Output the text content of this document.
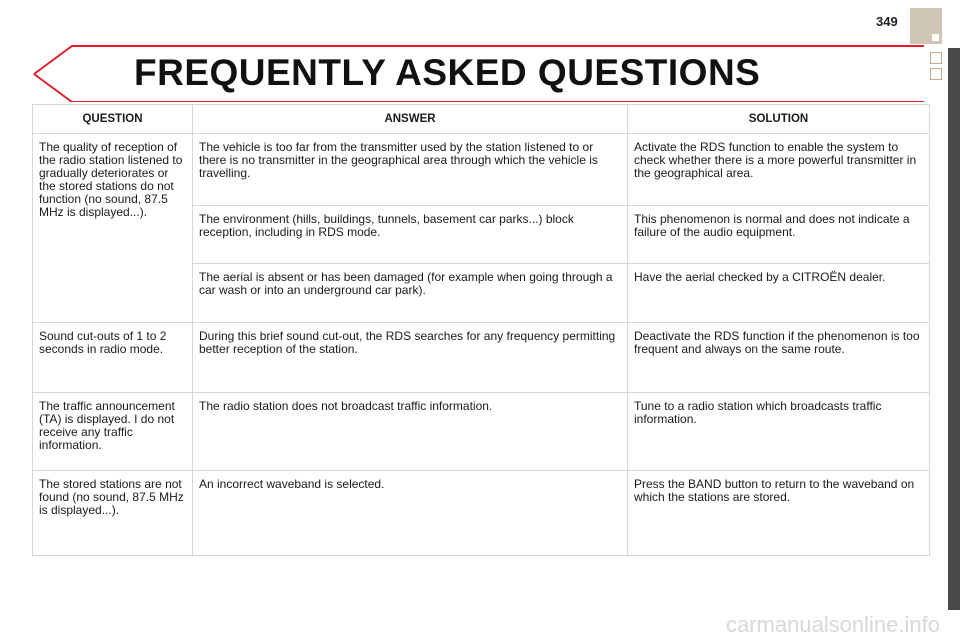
FREQUENTLY ASKED QUESTIONS
349
QUESTION	ANSWER	SOLUTION
The quality of reception of the radio station listened to gradually deteriorates or the stored stations do not function (no sound, 87.5 MHz is displayed...).	The vehicle is too far from the transmitter used by the station listened to or there is no transmitter in the geographical area through which the vehicle is travelling.	Activate the RDS function to enable the system to check whether there is a more powerful transmitter in the geographical area.
	The environment (hills, buildings, tunnels, basement car parks...) block reception, including in RDS mode.	This phenomenon is normal and does not indicate a failure of the audio equipment.
	The aerial is absent or has been damaged (for example when going through a car wash or into an underground car park).	Have the aerial checked by a CITROËN dealer.
Sound cut-outs of 1 to 2 seconds in radio mode.	During this brief sound cut-out, the RDS searches for any frequency permitting better reception of the station.	Deactivate the RDS function if the phenomenon is too frequent and always on the same route.
The traffic announcement (TA) is displayed. I do not receive any traffic information.	The radio station does not broadcast traffic information.	Tune to a radio station which broadcasts traffic information.
The stored stations are not found (no sound, 87.5 MHz is displayed...).	An incorrect waveband is selected.	Press the BAND button to return to the waveband on which the stations are stored.
carmanualsonline.info
